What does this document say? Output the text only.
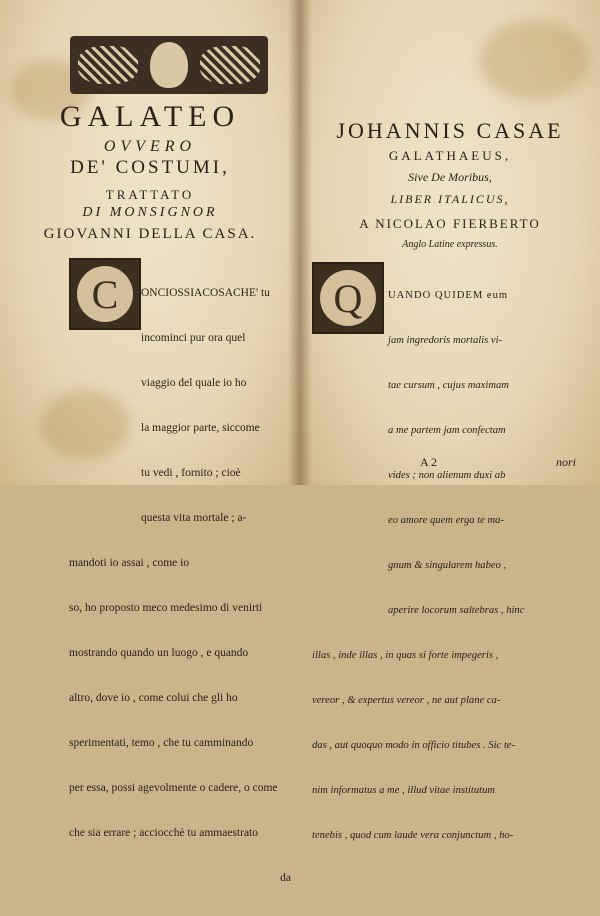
GALATEO
OVVERO
DE' COSTUMI,
TRATTATO
DI MONSIGNOR
GIOVANNI DELLA CASA.
C

	ONCIOSSIACOSACHE' tu

incominci pur ora quel

viaggio del quale io ho

la maggior parte, siccome

tu vedi , fornito ; cioè

questa vita mortale ; a-

mandoti io assai , come io

so, ho proposto meco medesimo di venirti

mostrando quando un luogo , e quando

altro, dove io , come colui che gli ho

sperimentati, temo , che tu camminando

per essa, possi agevolmente o cadere, o come

che sia errare ; acciocchè tu ammaestrato

da

JOHANNIS CASAE
GALATHAEUS,
Sive De Moribus,
LIBER ITALICUS,
A NICOLAO FIERBERTO
Anglo Latine expressus.
Q

	UANDO QUIDEM eum

jam ingredoris mortalis vi-

tae cursum , cujus maximam

a me partem jam confectam

vides ; non alienum duxi ab

eo amore quem erga te ma-

gnum & singularem habeo ,

aperire locorum saltebras , hinc

illas , inde illas , in quas si forte impegeris ,

vereor , & expertus vereor , ne aut plane ca-

das , aut quoquo modo in officio titubes . Sic te-

nim informatus a me , illud vitae institutum

tenebis , quod cum laude vera conjunctum , ho-

A 2	nori
